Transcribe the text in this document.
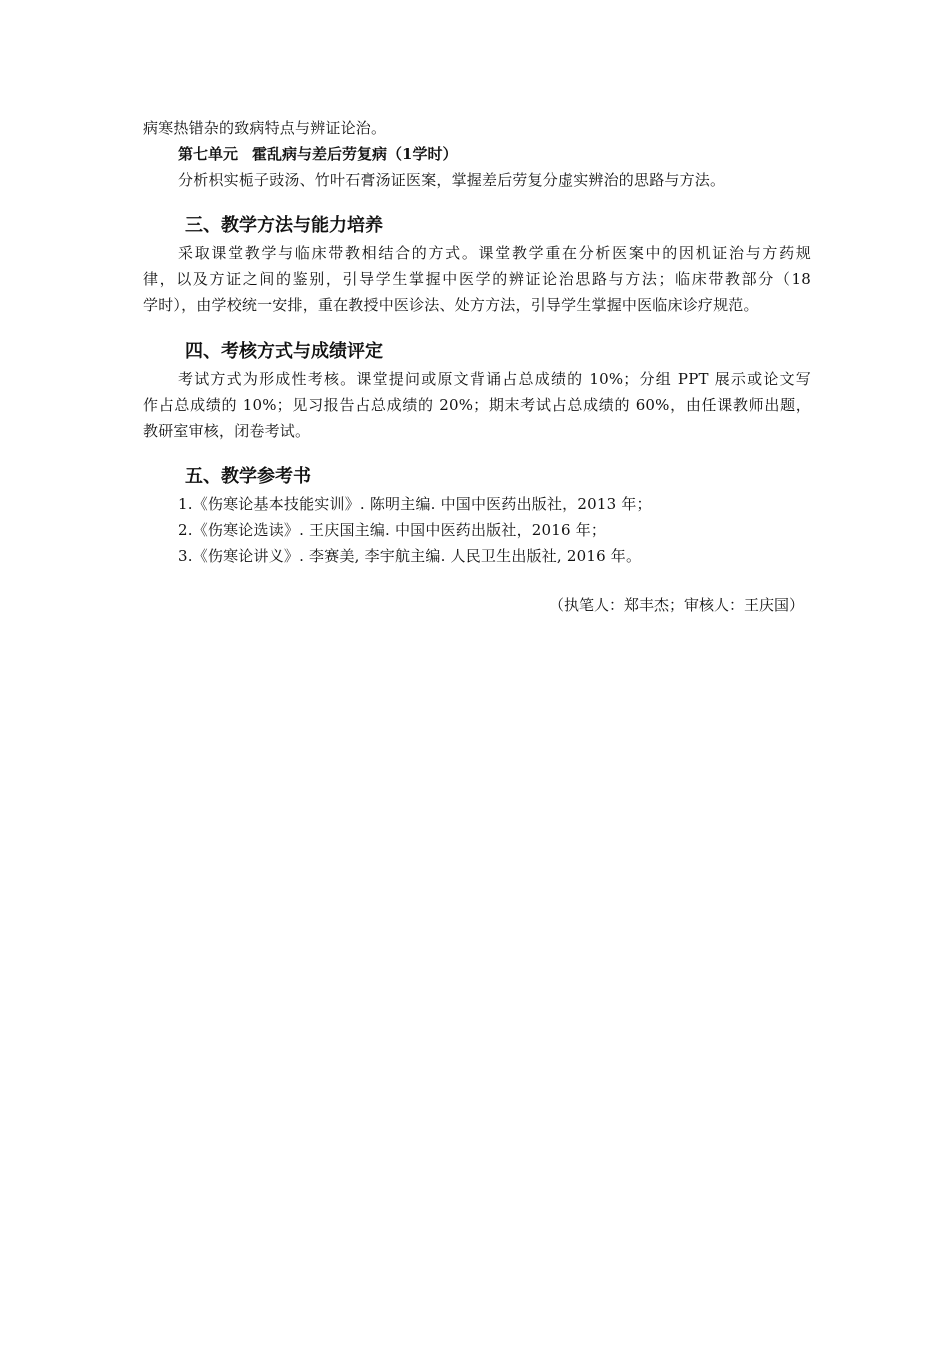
病寒热错杂的致病特点与辨证论治。
第七单元 霍乱病与差后劳复病（1学时）
分析枳实栀子豉汤、竹叶石膏汤证医案，掌握差后劳复分虚实辨治的思路与方法。
三、教学方法与能力培养
采取课堂教学与临床带教相结合的方式。课堂教学重在分析医案中的因机证治与方药规
律，以及方证之间的鉴别，引导学生掌握中医学的辨证论治思路与方法；临床带教部分（18
学时），由学校统一安排，重在教授中医诊法、处方方法，引导学生掌握中医临床诊疗规范。
四、考核方式与成绩评定
考试方式为形成性考核。课堂提问或原文背诵占总成绩的 10%；分组 PPT 展示或论文写
作占总成绩的 10%；见习报告占总成绩的 20%；期末考试占总成绩的 60%，由任课教师出题，
教研室审核，闭卷考试。
五、教学参考书
1.《伤寒论基本技能实训》. 陈明主编. 中国中医药出版社，2013 年；
2.《伤寒论选读》. 王庆国主编. 中国中医药出版社，2016 年；
3.《伤寒论讲义》. 李赛美, 李宇航主编. 人民卫生出版社, 2016 年。
（执笔人：郑丰杰；审核人：王庆国）
